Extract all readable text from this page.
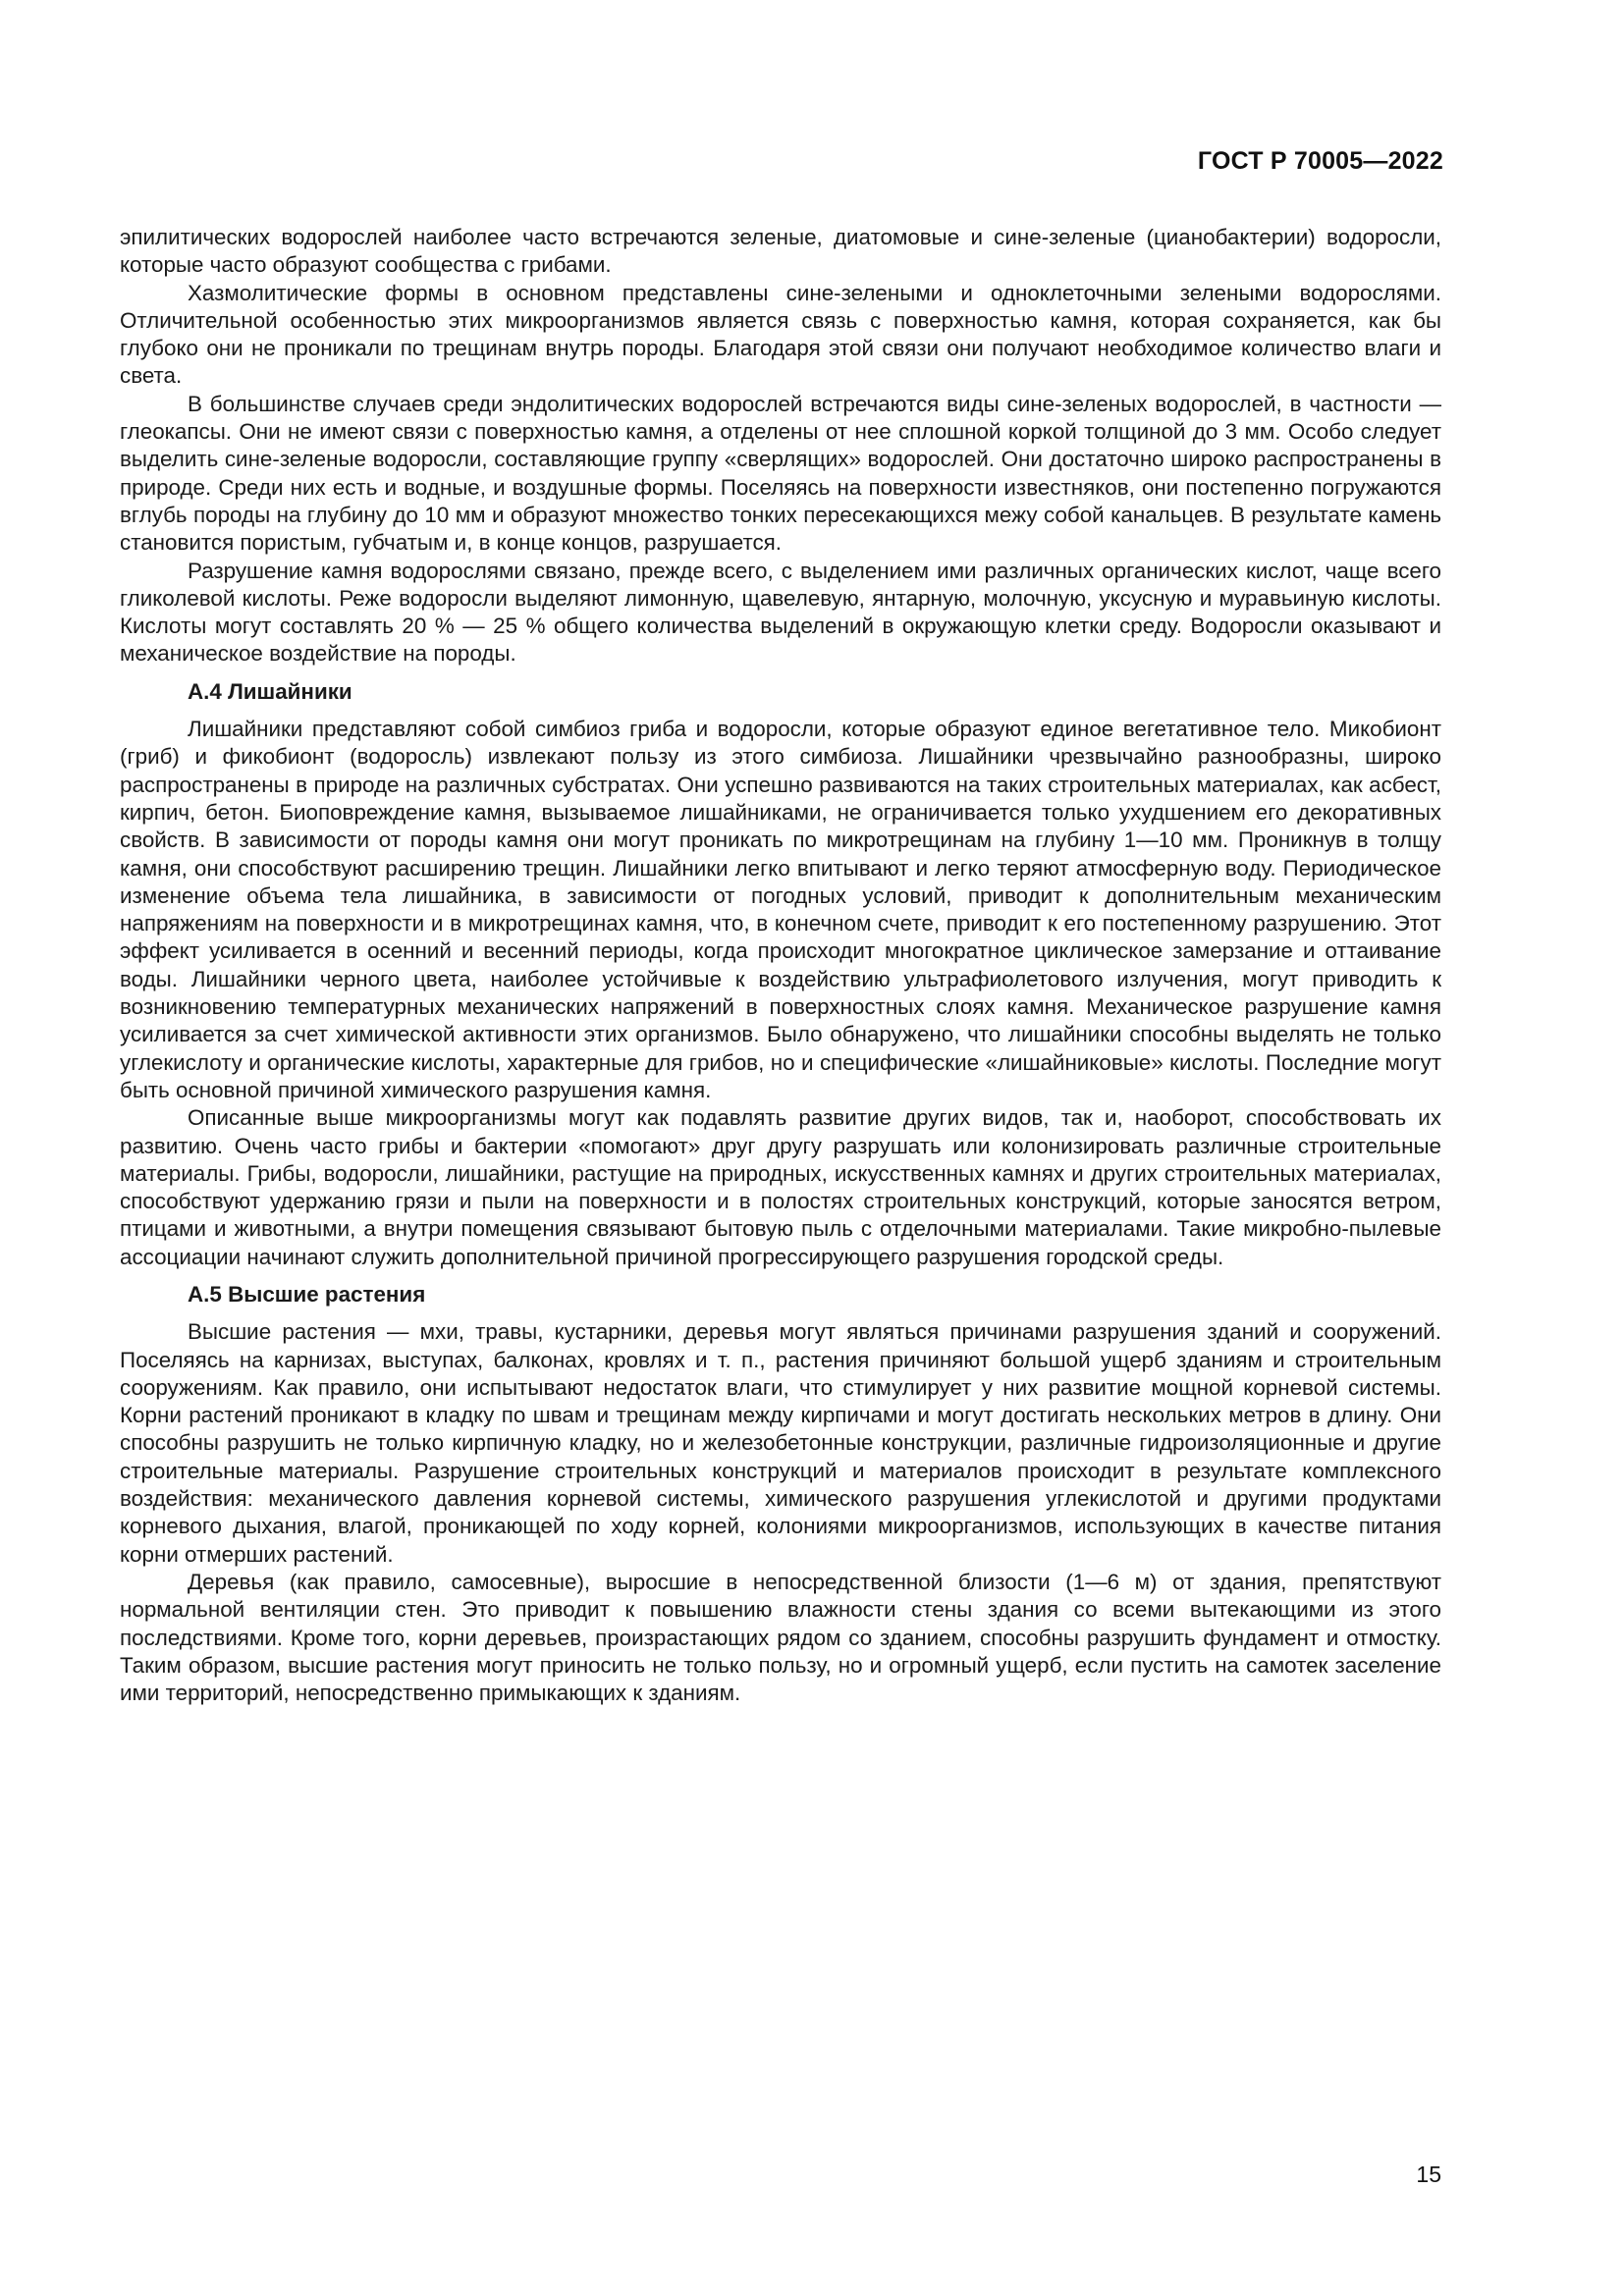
ГОСТ Р 70005—2022

эпилитических водорослей наиболее часто встречаются зеленые, диатомовые и сине-зеленые (цианобактерии) водоросли, которые часто образуют сообщества с грибами.

Хазмолитические формы в основном представлены сине-зелеными и одноклеточными зелеными водорослями. Отличительной особенностью этих микроорганизмов является связь с поверхностью камня, которая сохраняется, как бы глубоко они не проникали по трещинам внутрь породы. Благодаря этой связи они получают необходимое количество влаги и света.

В большинстве случаев среди эндолитических водорослей встречаются виды сине-зеленых водорослей, в частности — глеокапсы. Они не имеют связи с поверхностью камня, а отделены от нее сплошной коркой толщиной до 3 мм. Особо следует выделить сине-зеленые водоросли, составляющие группу «сверлящих» водорослей. Они достаточно широко распространены в природе. Среди них есть и водные, и воздушные формы. Поселяясь на поверхности известняков, они постепенно погружаются вглубь породы на глубину до 10 мм и образуют множество тонких пересекающихся межу собой канальцев. В результате камень становится пористым, губчатым и, в конце концов, разрушается.

Разрушение камня водорослями связано, прежде всего, с выделением ими различных органических кислот, чаще всего гликолевой кислоты. Реже водоросли выделяют лимонную, щавелевую, янтарную, молочную, уксусную и муравьиную кислоты. Кислоты могут составлять 20 % — 25 % общего количества выделений в окружающую клетки среду. Водоросли оказывают и механическое воздействие на породы.

А.4 Лишайники

Лишайники представляют собой симбиоз гриба и водоросли, которые образуют единое вегетативное тело. Микобионт (гриб) и фикобионт (водоросль) извлекают пользу из этого симбиоза. Лишайники чрезвычайно разнообразны, широко распространены в природе на различных субстратах. Они успешно развиваются на таких строительных материалах, как асбест, кирпич, бетон. Биоповреждение камня, вызываемое лишайниками, не ограничивается только ухудшением его декоративных свойств. В зависимости от породы камня они могут проникать по микротрещинам на глубину 1—10 мм. Проникнув в толщу камня, они способствуют расширению трещин. Лишайники легко впитывают и легко теряют атмосферную воду. Периодическое изменение объема тела лишайника, в зависимости от погодных условий, приводит к дополнительным механическим напряжениям на поверхности и в микротрещинах камня, что, в конечном счете, приводит к его постепенному разрушению. Этот эффект усиливается в осенний и весенний периоды, когда происходит многократное циклическое замерзание и оттаивание воды. Лишайники черного цвета, наиболее устойчивые к воздействию ультрафиолетового излучения, могут приводить к возникновению температурных механических напряжений в поверхностных слоях камня. Механическое разрушение камня усиливается за счет химической активности этих организмов. Было обнаружено, что лишайники способны выделять не только углекислоту и органические кислоты, характерные для грибов, но и специфические «лишайниковые» кислоты. Последние могут быть основной причиной химического разрушения камня.

Описанные выше микроорганизмы могут как подавлять развитие других видов, так и, наоборот, способствовать их развитию. Очень часто грибы и бактерии «помогают» друг другу разрушать или колонизировать различные строительные материалы. Грибы, водоросли, лишайники, растущие на природных, искусственных камнях и других строительных материалах, способствуют удержанию грязи и пыли на поверхности и в полостях строительных конструкций, которые заносятся ветром, птицами и животными, а внутри помещения связывают бытовую пыль с отделочными материалами. Такие микробно-пылевые ассоциации начинают служить дополнительной причиной прогрессирующего разрушения городской среды.

А.5 Высшие растения

Высшие растения — мхи, травы, кустарники, деревья могут являться причинами разрушения зданий и сооружений. Поселяясь на карнизах, выступах, балконах, кровлях и т. п., растения причиняют большой ущерб зданиям и строительным сооружениям. Как правило, они испытывают недостаток влаги, что стимулирует у них развитие мощной корневой системы. Корни растений проникают в кладку по швам и трещинам между кирпичами и могут достигать нескольких метров в длину. Они способны разрушить не только кирпичную кладку, но и железобетонные конструкции, различные гидроизоляционные и другие строительные материалы. Разрушение строительных конструкций и материалов происходит в результате комплексного воздействия: механического давления корневой системы, химического разрушения углекислотой и другими продуктами корневого дыхания, влагой, проникающей по ходу корней, колониями микроорганизмов, использующих в качестве питания корни отмерших растений.

Деревья (как правило, самосевные), выросшие в непосредственной близости (1—6 м) от здания, препятствуют нормальной вентиляции стен. Это приводит к повышению влажности стены здания со всеми вытекающими из этого последствиями. Кроме того, корни деревьев, произрастающих рядом со зданием, способны разрушить фундамент и отмостку. Таким образом, высшие растения могут приносить не только пользу, но и огромный ущерб, если пустить на самотек заселение ими территорий, непосредственно примыкающих к зданиям.

15
